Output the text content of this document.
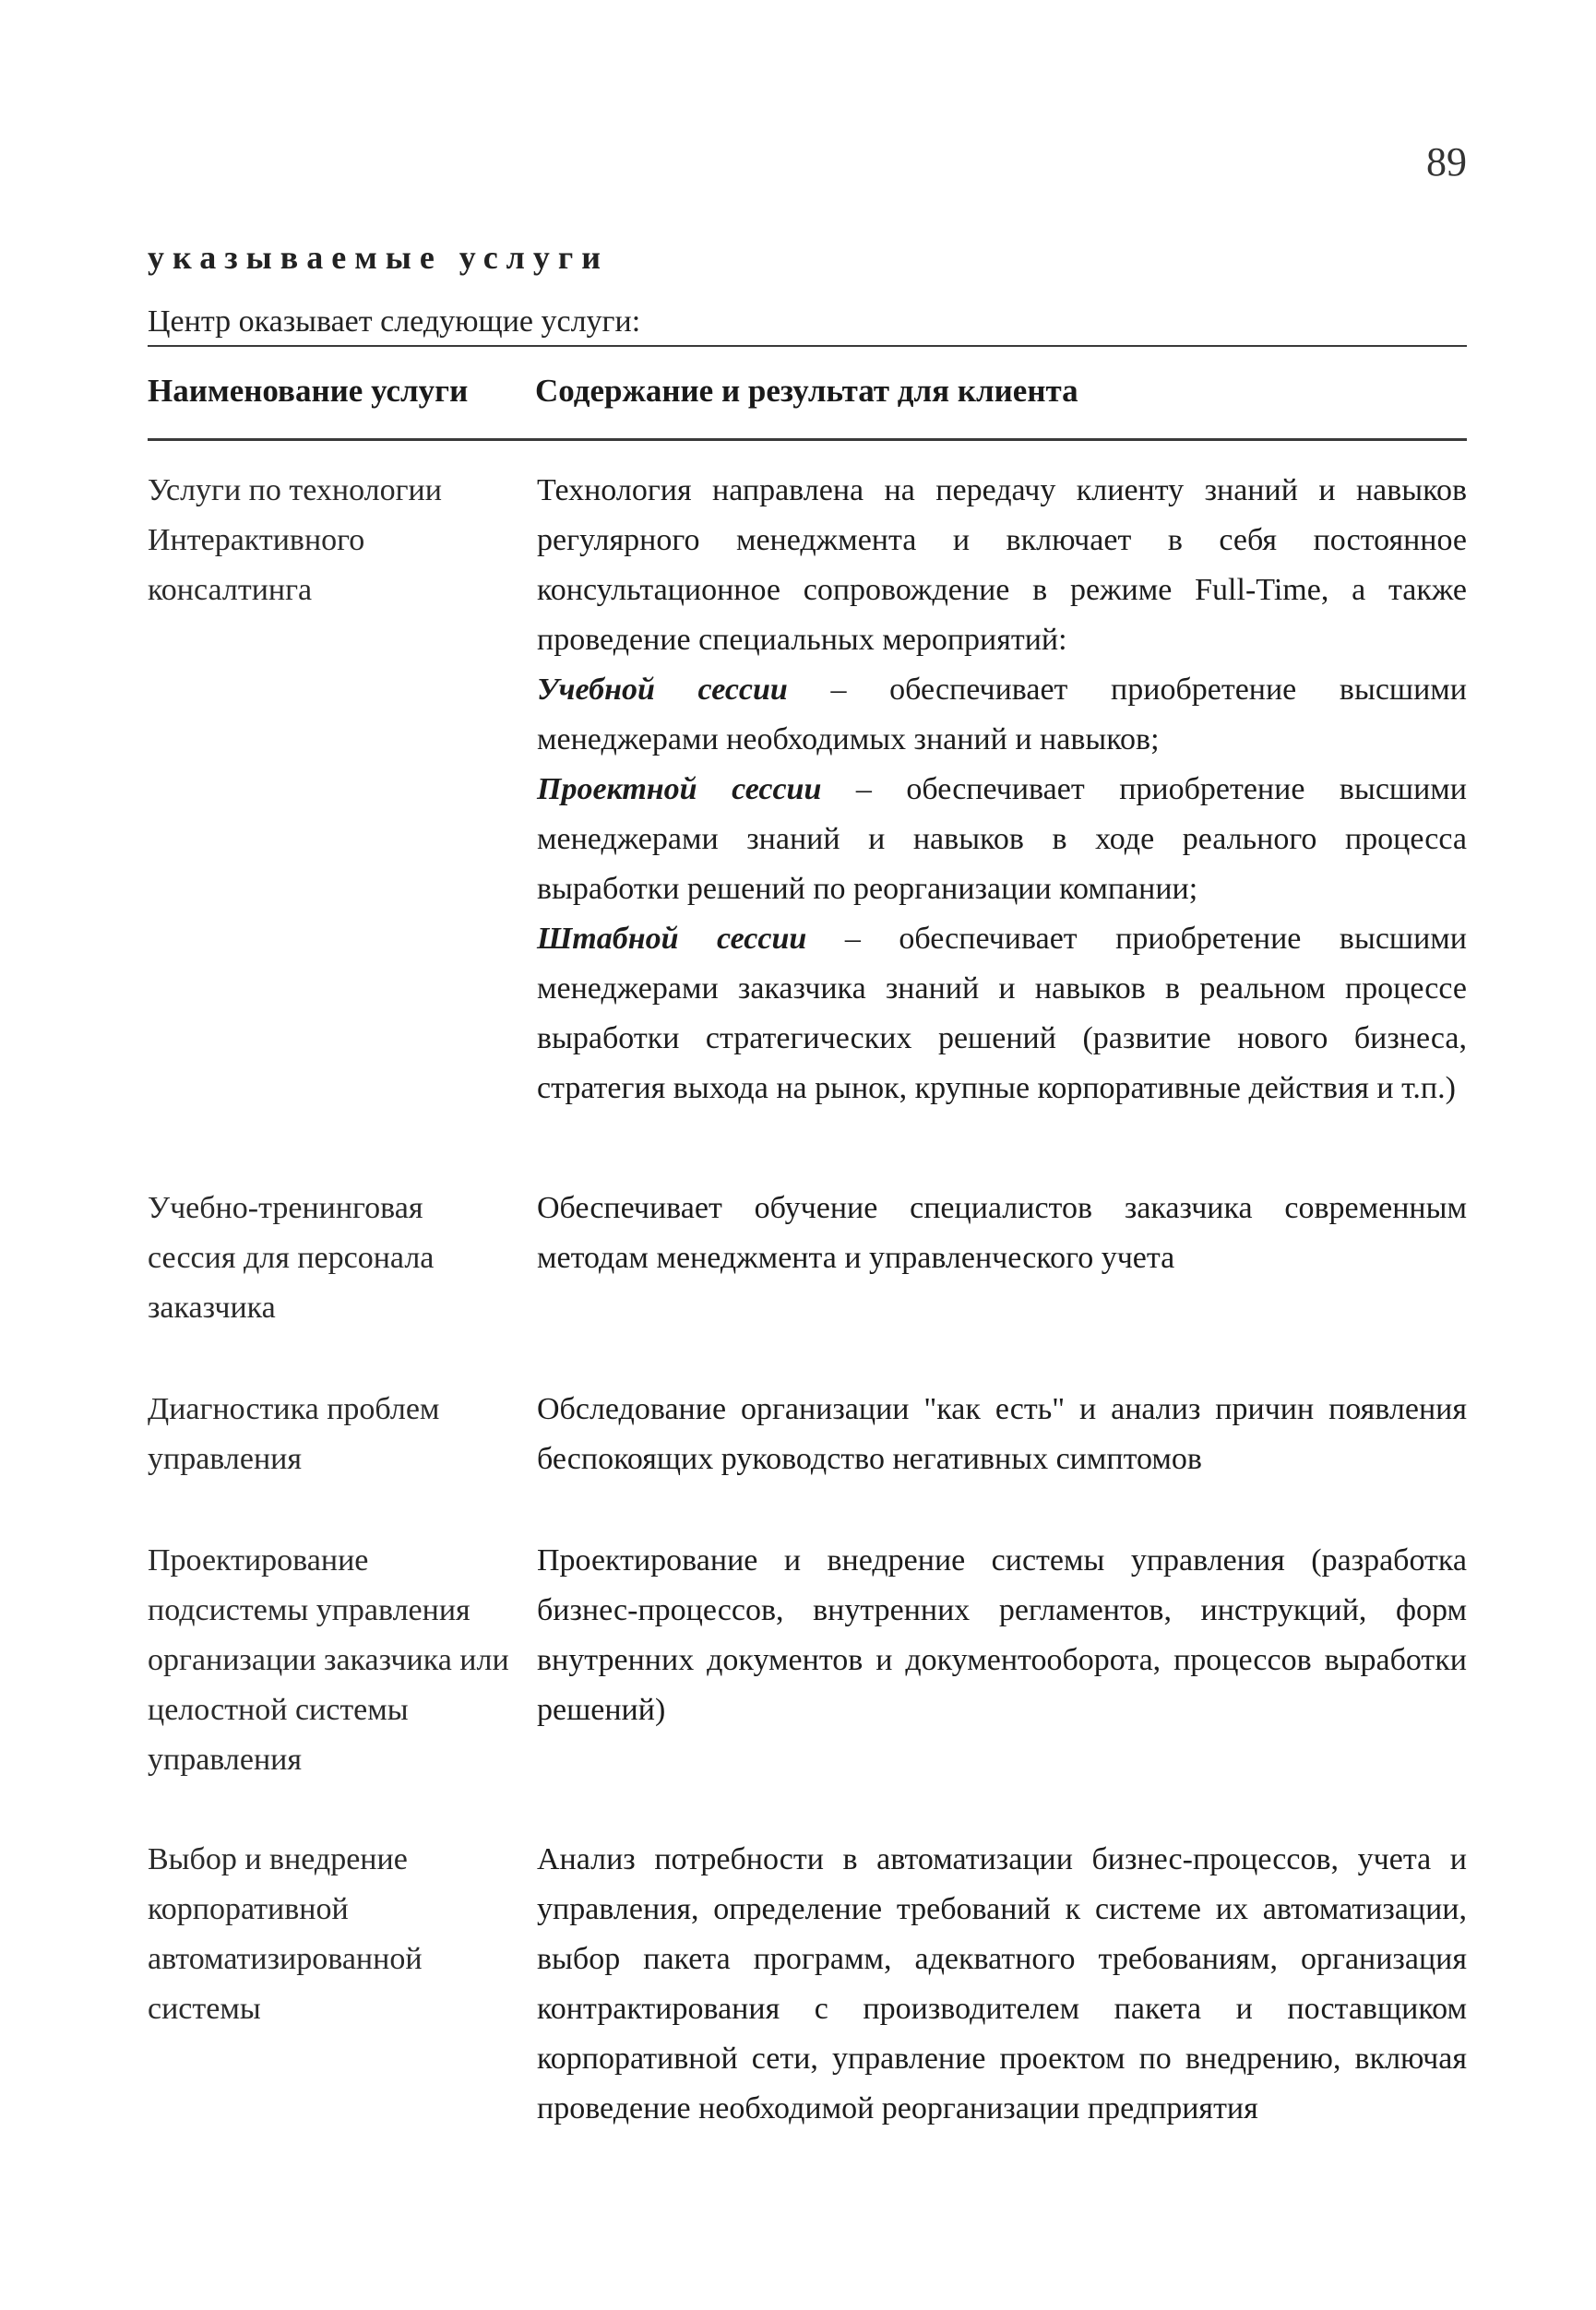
89
указываемые услуги
Центр оказывает следующие услуги:
Наименование услуги	Содержание и результат для клиента
Услуги по технологии Интерактивного консалтинга

Технология направлена на передачу клиенту знаний и навыков регулярного менеджмента и включает в себя постоянное консультационное сопровождение в режиме Full-Time, а также проведение специальных мероприятий:

Учебной сессии – обеспечивает приобретение высшими менеджерами необходимых знаний и навыков;

Проектной сессии – обеспечивает приобретение высшими менеджерами знаний и навыков в ходе реального процесса выработки решений по реорганизации компании;

Штабной сессии – обеспечивает приобретение высшими менеджерами заказчика знаний и навыков в реальном процессе выработки стратегических решений (развитие нового бизнеса, стратегия выхода на рынок, крупные корпоративные действия и т.п.)

Учебно-тренинговая сессия для персонала заказчика
Обеспечивает обучение специалистов заказчика современным методам менеджмента и управленческого учета
Диагностика проблем управления
Обследование организации "как есть" и анализ причин появления беспокоящих руководство негативных симптомов
Проектирование подсистемы управления организации заказчика или целостной системы управления
Проектирование и внедрение системы управления (разработка бизнес-процессов, внутренних регламентов, инструкций, форм внутренних документов и документооборота, процессов выработки решений)
Выбор и внедрение корпоративной автоматизированной системы
Анализ потребности в автоматизации бизнес-процессов, учета и управления, определение требований к системе их автоматизации, выбор пакета программ, адекватного требованиям, организация контрактирования с производителем пакета и поставщиком корпоративной сети, управление проектом по внедрению, включая проведение необходимой реорганизации предприятия
